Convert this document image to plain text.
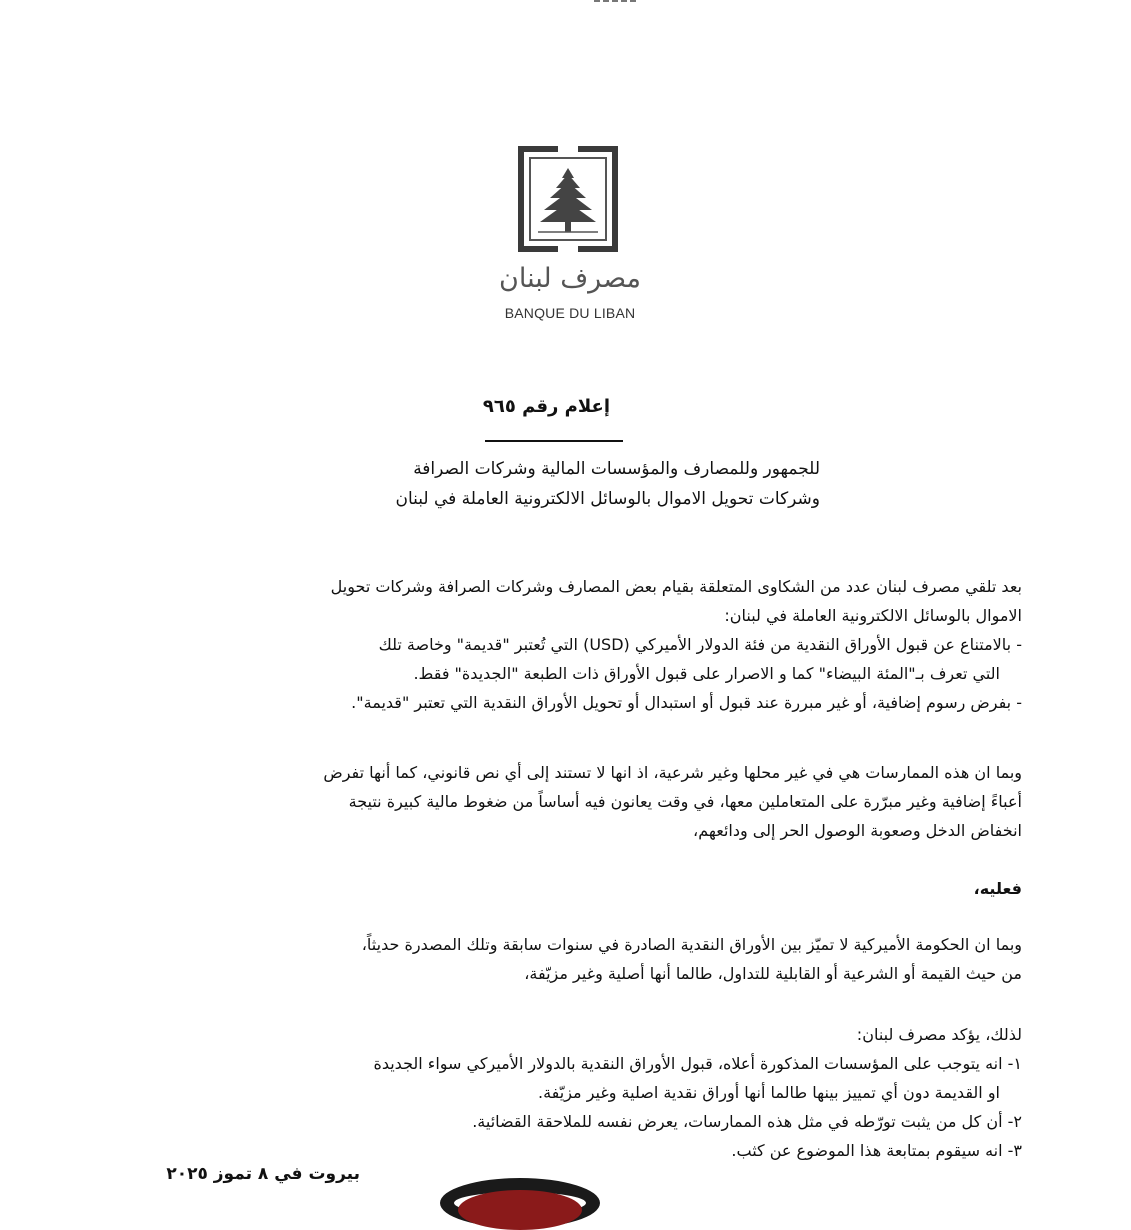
مصرف لبنان
BANQUE DU LIBAN
إعلام رقم ٩٦٥
للجمهور وللمصارف والمؤسسات المالية وشركات الصرافة
وشركات تحويل الاموال بالوسائل الالكترونية العاملة في لبنان

بعد تلقي مصرف لبنان عدد من الشكاوى المتعلقة بقيام بعض المصارف وشركات الصرافة وشركات تحويل

الاموال بالوسائل الالكترونية العاملة في لبنان:

- بالامتناع عن قبول الأوراق النقدية من فئة الدولار الأميركي (USD) التي تُعتبر "قديمة" وخاصة تلك

التي تعرف بـ"المئة البيضاء" كما و الاصرار على قبول الأوراق ذات الطبعة "الجديدة" فقط.

- بفرض رسوم إضافية، أو غير مبررة عند قبول أو استبدال أو تحويل الأوراق النقدية التي تعتبر "قديمة".

وبما ان هذه الممارسات هي في غير محلها وغير شرعية، اذ انها لا تستند إلى أي نص قانوني، كما أنها تفرض

أعباءً إضافية وغير مبرّرة على المتعاملين معها، في وقت يعانون فيه أساساً من ضغوط مالية كبيرة نتيجة

انخفاض الدخل وصعوبة الوصول الحر إلى ودائعهم،

فعليه،

وبما ان الحكومة الأميركية لا تميّز بين الأوراق النقدية الصادرة في سنوات سابقة وتلك المصدرة حديثاً،

من حيث القيمة أو الشرعية أو القابلية للتداول، طالما أنها أصلية وغير مزيّفة،

لذلك، يؤكد مصرف لبنان:

١- انه يتوجب على المؤسسات المذكورة أعلاه، قبول الأوراق النقدية بالدولار الأميركي سواء الجديدة

او القديمة دون أي تمييز بينها طالما أنها أوراق نقدية اصلية وغير مزيّفة.

٢- أن كل من يثبت تورّطه في مثل هذه الممارسات، يعرض نفسه للملاحقة القضائية.

٣- انه سيقوم بمتابعة هذا الموضوع عن كثب.

بيروت في ٨ تموز ٢٠٢٥
